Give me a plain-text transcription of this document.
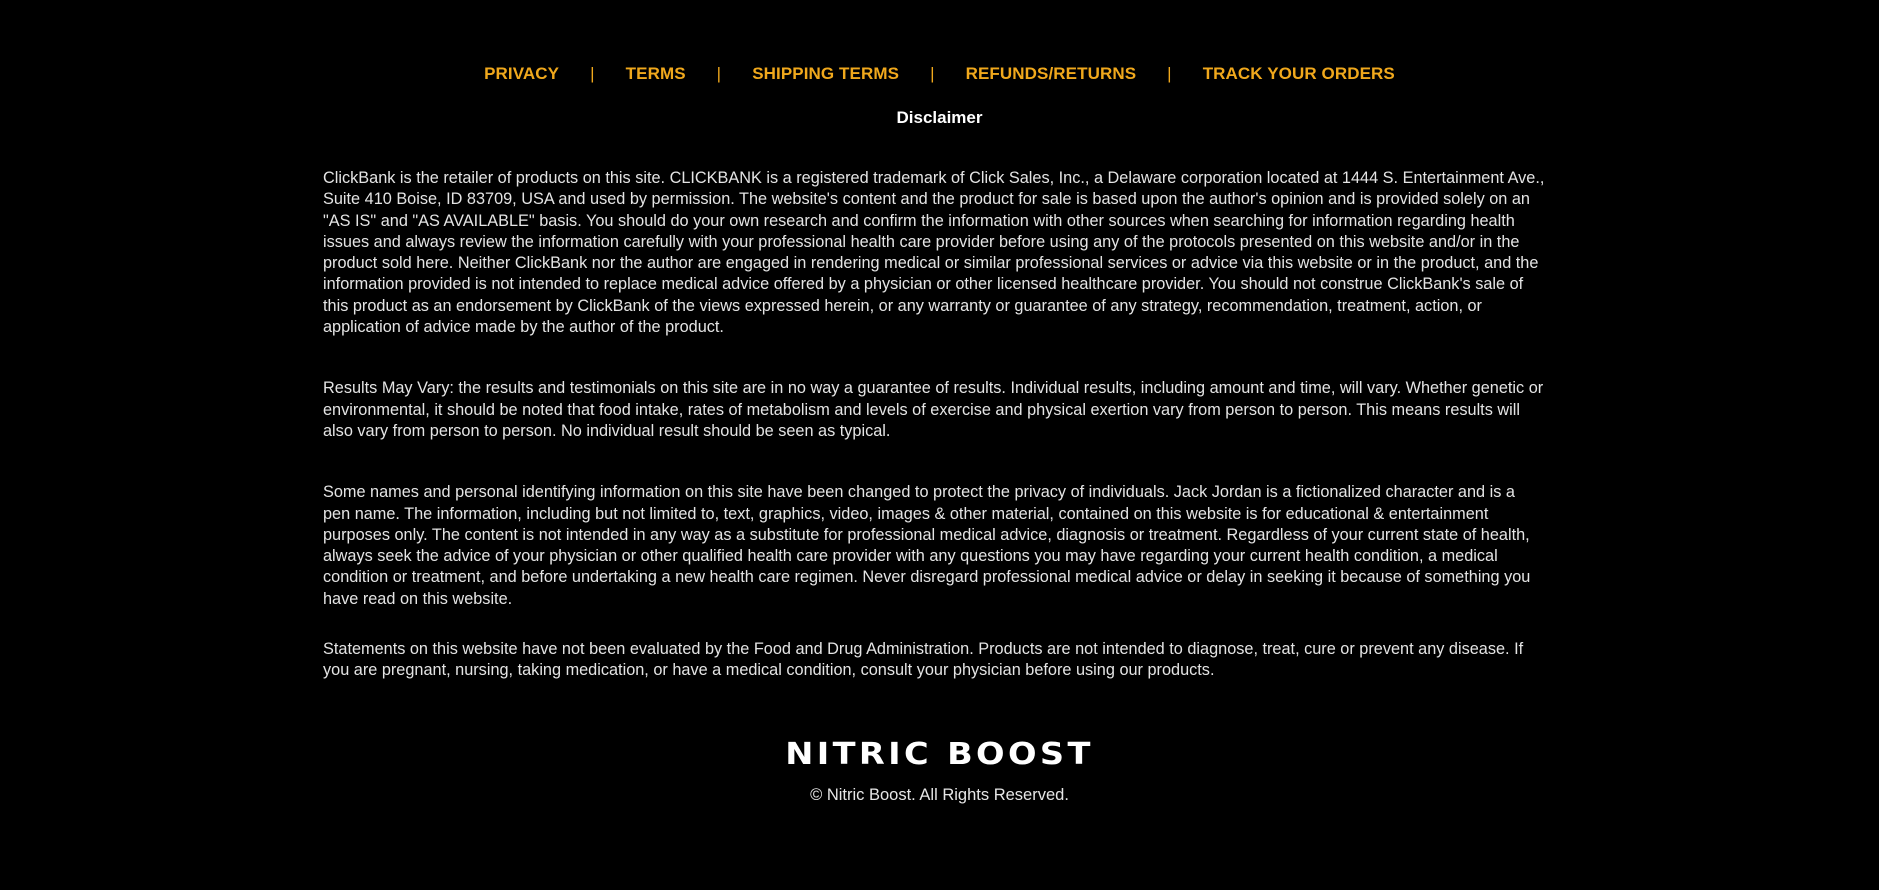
PRIVACY | TERMS | SHIPPING TERMS | REFUNDS/RETURNS | TRACK YOUR ORDERS
Disclaimer

ClickBank is the retailer of products on this site. CLICKBANK is a registered trademark of Click Sales, Inc., a Delaware corporation located at 1444 S. Entertainment Ave., Suite 410 Boise, ID 83709, USA and used by permission. The website's content and the product for sale is based upon the author's opinion and is provided solely on an "AS IS" and "AS AVAILABLE" basis. You should do your own research and confirm the information with other sources when searching for information regarding health issues and always review the information carefully with your professional health care provider before using any of the protocols presented on this website and/or in the product sold here. Neither ClickBank nor the author are engaged in rendering medical or similar professional services or advice via this website or in the product, and the information provided is not intended to replace medical advice offered by a physician or other licensed healthcare provider. You should not construe ClickBank's sale of this product as an endorsement by ClickBank of the views expressed herein, or any warranty or guarantee of any strategy, recommendation, treatment, action, or application of advice made by the author of the product.

Results May Vary: the results and testimonials on this site are in no way a guarantee of results. Individual results, including amount and time, will vary. Whether genetic or environmental, it should be noted that food intake, rates of metabolism and levels of exercise and physical exertion vary from person to person. This means results will also vary from person to person. No individual result should be seen as typical.

Some names and personal identifying information on this site have been changed to protect the privacy of individuals. Jack Jordan is a fictionalized character and is a pen name. The information, including but not limited to, text, graphics, video, images & other material, contained on this website is for educational & entertainment purposes only. The content is not intended in any way as a substitute for professional medical advice, diagnosis or treatment. Regardless of your current state of health, always seek the advice of your physician or other qualified health care provider with any questions you may have regarding your current health condition, a medical condition or treatment, and before undertaking a new health care regimen. Never disregard professional medical advice or delay in seeking it because of something you have read on this website.

Statements on this website have not been evaluated by the Food and Drug Administration. Products are not intended to diagnose, treat, cure or prevent any disease. If you are pregnant, nursing, taking medication, or have a medical condition, consult your physician before using our products.

NITRIC BOOST
© Nitric Boost. All Rights Reserved.
